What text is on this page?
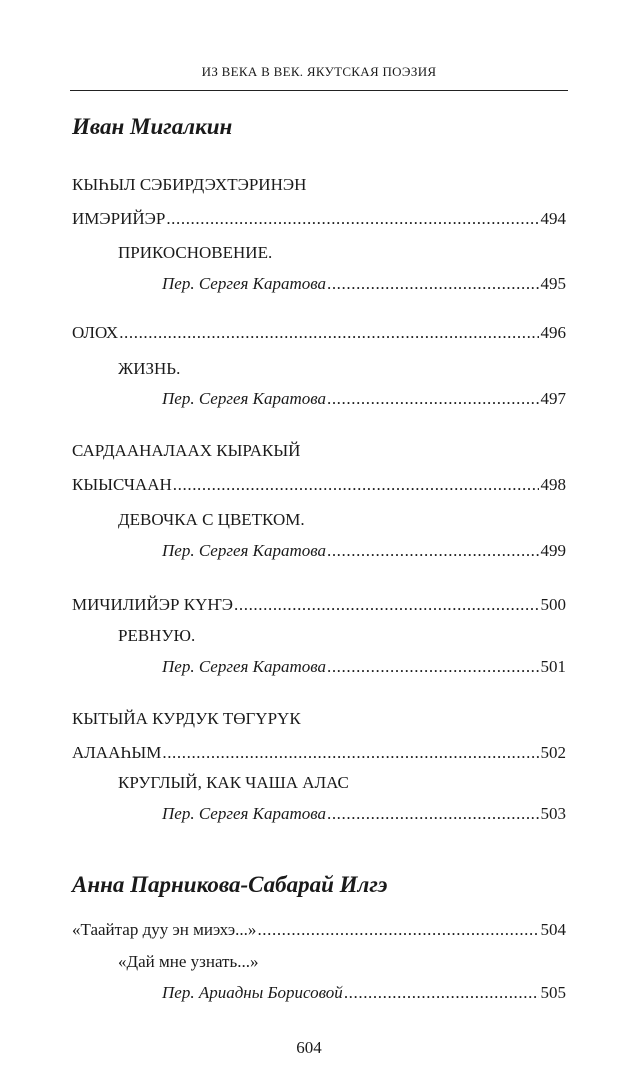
ИЗ ВЕКА В ВЕК. ЯКУТСКАЯ ПОЭЗИЯ
Иван Мигалкин
КЫҺЫЛ СЭБИРДЭХТЭРИНЭН
ИМЭРИЙЭР .....	494
ПРИКОСНОВЕНИЕ.
Пер. Сергея Каратова .....	495
ОЛОХ .....	496
ЖИЗНЬ.
Пер. Сергея Каратова .....	497
САРДААНАЛААХ КЫРАКЫЙ
КЫЫСЧААН .....	498
ДЕВОЧКА С ЦВЕТКОМ.
Пер. Сергея Каратова .....	499
МИЧИЛИЙЭР КҮҤЭ .....	500
РЕВНУЮ.
Пер. Сергея Каратова .....	501
КЫТЫЙА КУРДУК ТӨГҮРҮК
АЛААҺЫМ .....	502
КРУГЛЫЙ, КАК ЧАША АЛАС
Пер. Сергея Каратова .....	503
Анна Парникова-Сабарай Илгэ
«Таайтар дуу эн миэхэ...» .....	504
«Дай мне узнать...»
Пер. Ариадны Борисовой .....	505
604
